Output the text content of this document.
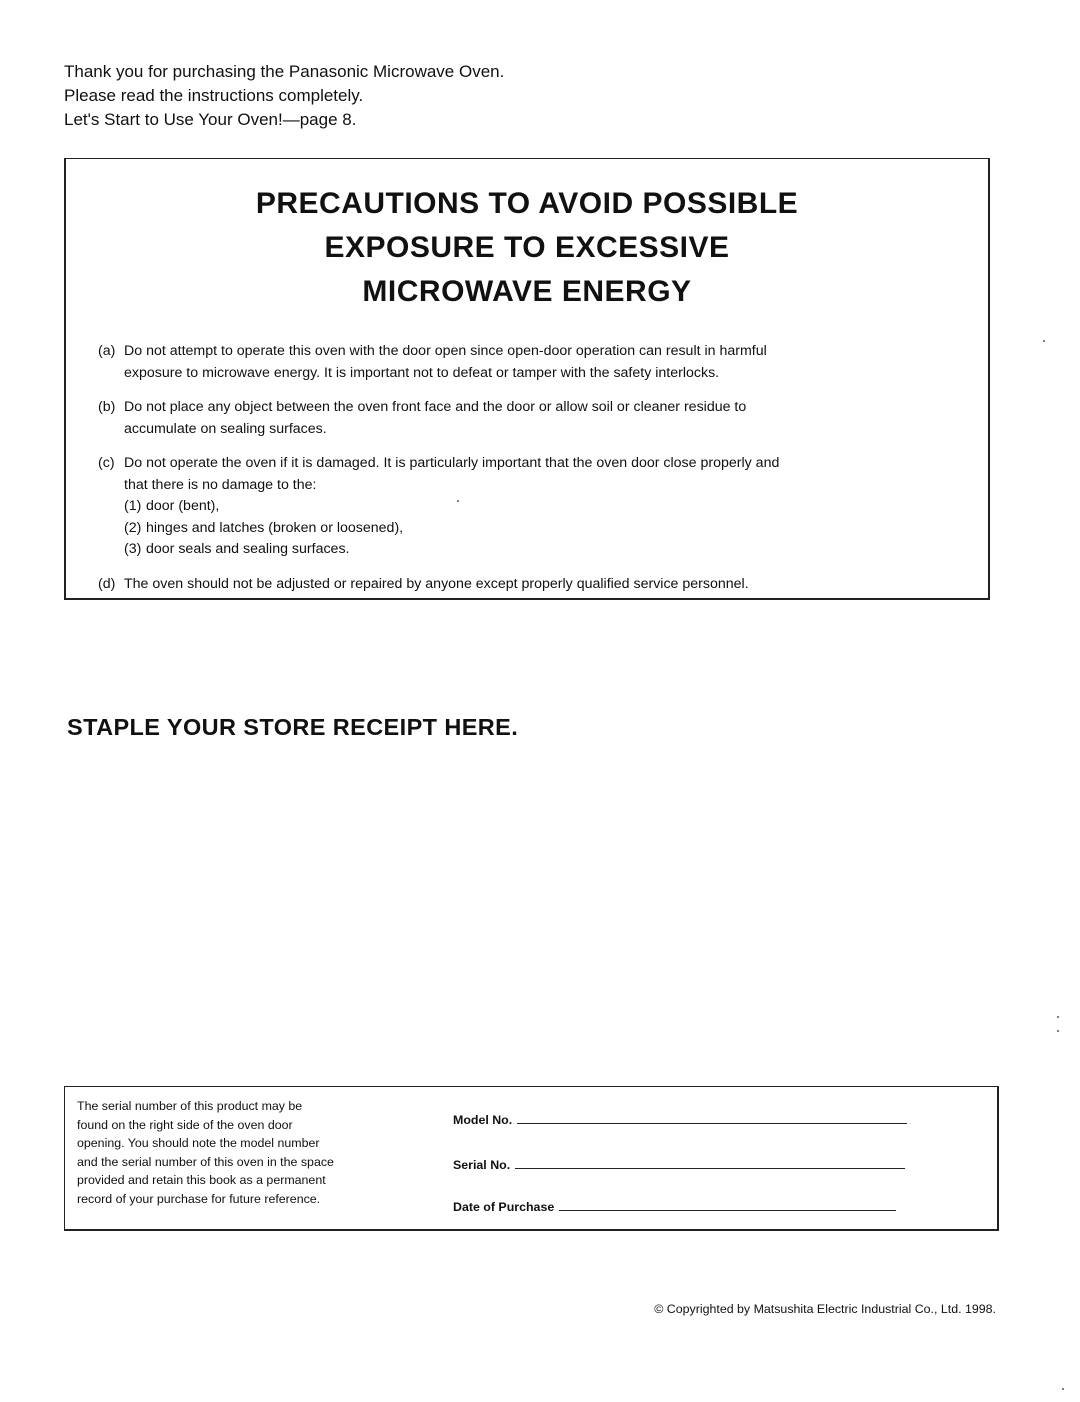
Thank you for purchasing the Panasonic Microwave Oven.
Please read the instructions completely.
Let's Start to Use Your Oven!—page 8.
PRECAUTIONS TO AVOID POSSIBLE
EXPOSURE TO EXCESSIVE
MICROWAVE ENERGY
(a) Do not attempt to operate this oven with the door open since open-door operation can result in harmful
exposure to microwave energy. It is important not to defeat or tamper with the safety interlocks.
(b) Do not place any object between the oven front face and the door or allow soil or cleaner residue to
accumulate on sealing surfaces.
(c) Do not operate the oven if it is damaged. It is particularly important that the oven door close properly and
that there is no damage to the:
(1) door (bent),
(2) hinges and latches (broken or loosened),
(3) door seals and sealing surfaces.
(d) The oven should not be adjusted or repaired by anyone except properly qualified service personnel.
STAPLE YOUR STORE RECEIPT HERE.
The serial number of this product may be
found on the right side of the oven door
opening. You should note the model number
and the serial number of this oven in the space
provided and retain this book as a permanent
record of your purchase for future reference.
Model No.
Serial No.
Date of Purchase
© Copyrighted by Matsushita Electric Industrial Co., Ltd. 1998.
